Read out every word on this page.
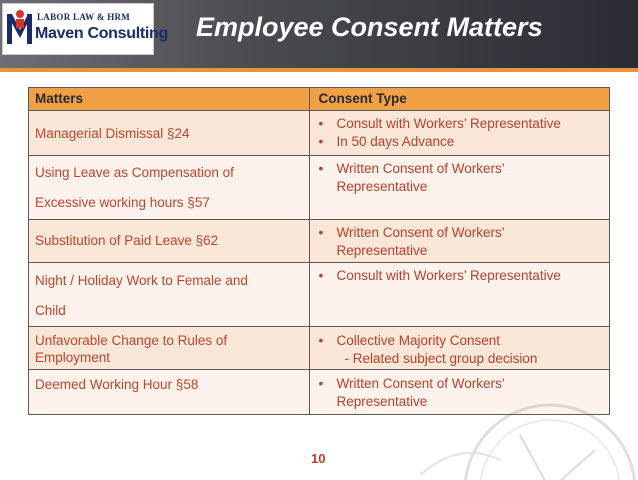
LABOR LAW & HRM
Maven Consulting Employee Consent Matters
Matters	Consent Type

Managerial Dismissal §24	• Consult with Workers’ Representative
• In 50 days Advance

Using Leave as Compensation of
Excessive working hours §57	• Written Consent of Workers’
Representative

Substitution of Paid Leave §62	• Written Consent of Workers’
Representative

Night / Holiday Work to Female and
Child	• Consult with Workers’ Representative

Unfavorable Change to Rules of
Employment	• Collective Majority Consent
- Related subject group decision

Deemed Working Hour §58	• Written Consent of Workers’
Representative
10
